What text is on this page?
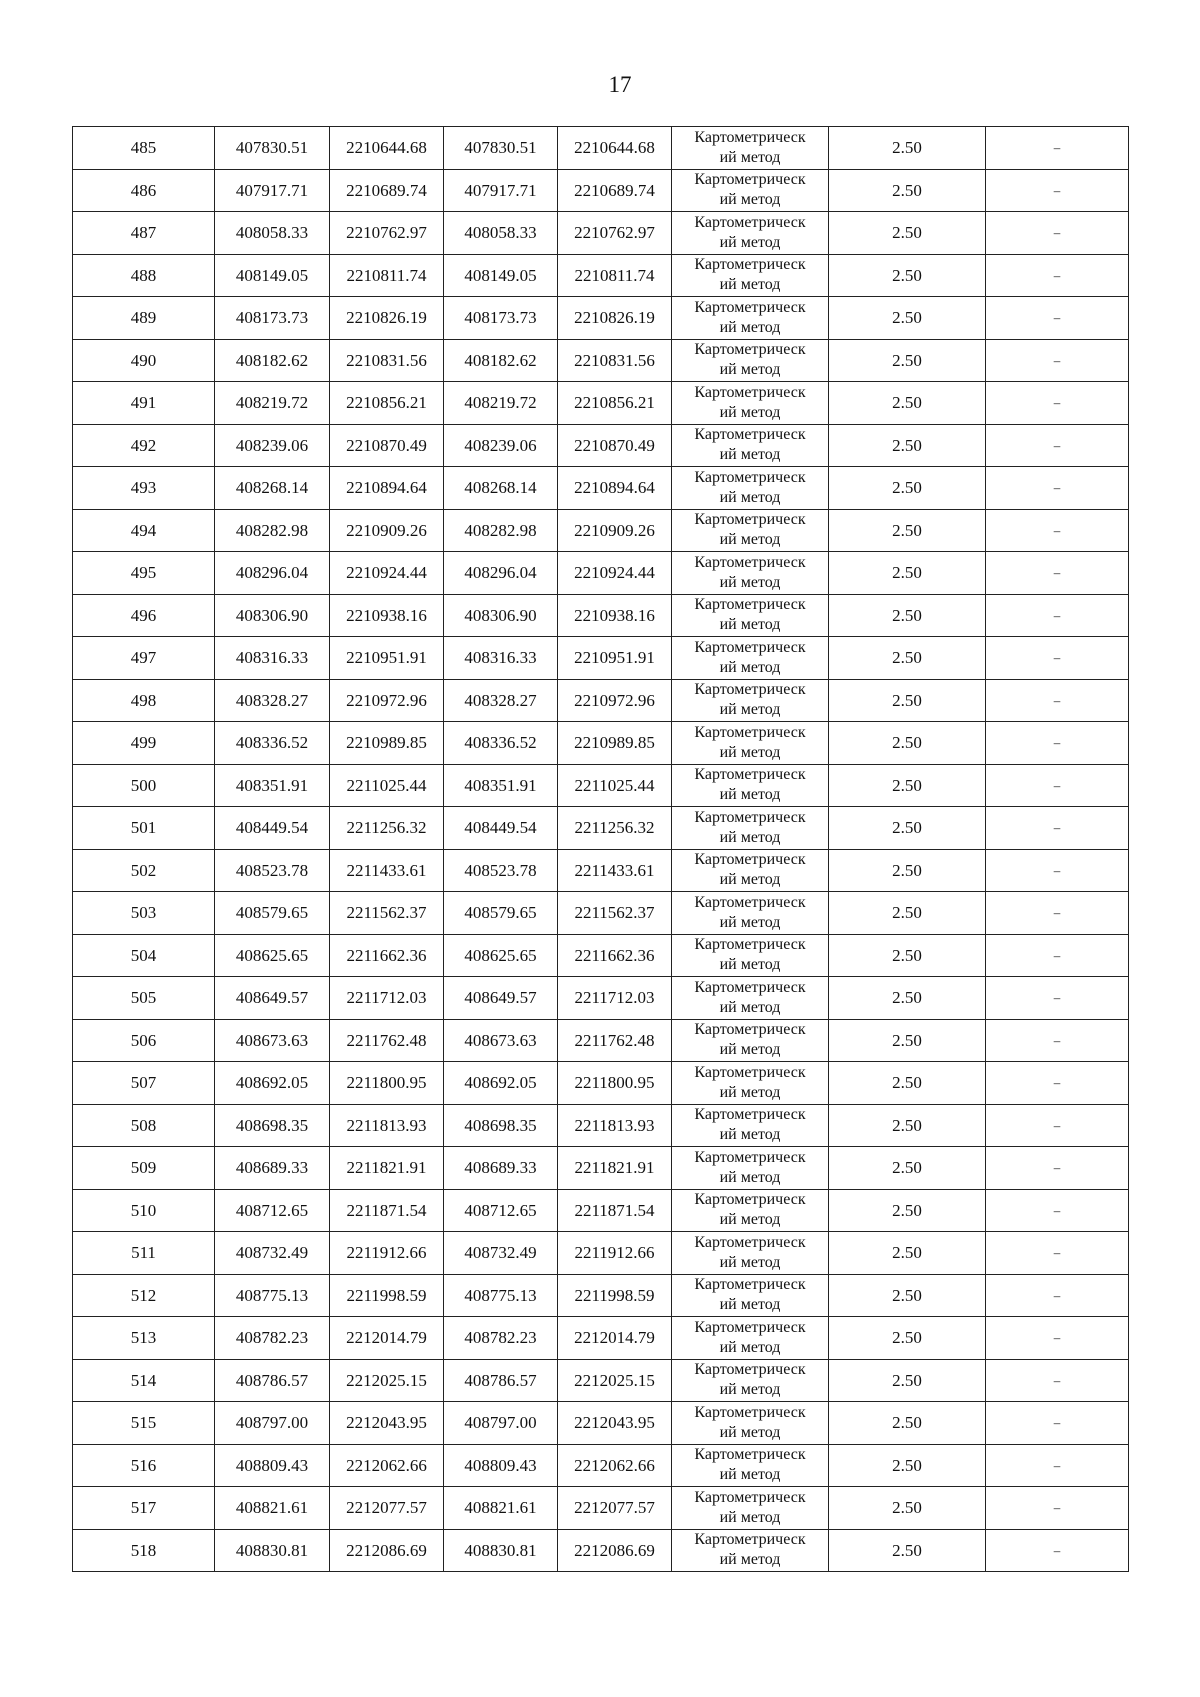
17
485	407830.51	2210644.68	407830.51	2210644.68	Картометрическ
ий метод	2.50	–
486	407917.71	2210689.74	407917.71	2210689.74	Картометрическ
ий метод	2.50	–
487	408058.33	2210762.97	408058.33	2210762.97	Картометрическ
ий метод	2.50	–
488	408149.05	2210811.74	408149.05	2210811.74	Картометрическ
ий метод	2.50	–
489	408173.73	2210826.19	408173.73	2210826.19	Картометрическ
ий метод	2.50	–
490	408182.62	2210831.56	408182.62	2210831.56	Картометрическ
ий метод	2.50	–
491	408219.72	2210856.21	408219.72	2210856.21	Картометрическ
ий метод	2.50	–
492	408239.06	2210870.49	408239.06	2210870.49	Картометрическ
ий метод	2.50	–
493	408268.14	2210894.64	408268.14	2210894.64	Картометрическ
ий метод	2.50	–
494	408282.98	2210909.26	408282.98	2210909.26	Картометрическ
ий метод	2.50	–
495	408296.04	2210924.44	408296.04	2210924.44	Картометрическ
ий метод	2.50	–
496	408306.90	2210938.16	408306.90	2210938.16	Картометрическ
ий метод	2.50	–
497	408316.33	2210951.91	408316.33	2210951.91	Картометрическ
ий метод	2.50	–
498	408328.27	2210972.96	408328.27	2210972.96	Картометрическ
ий метод	2.50	–
499	408336.52	2210989.85	408336.52	2210989.85	Картометрическ
ий метод	2.50	–
500	408351.91	2211025.44	408351.91	2211025.44	Картометрическ
ий метод	2.50	–
501	408449.54	2211256.32	408449.54	2211256.32	Картометрическ
ий метод	2.50	–
502	408523.78	2211433.61	408523.78	2211433.61	Картометрическ
ий метод	2.50	–
503	408579.65	2211562.37	408579.65	2211562.37	Картометрическ
ий метод	2.50	–
504	408625.65	2211662.36	408625.65	2211662.36	Картометрическ
ий метод	2.50	–
505	408649.57	2211712.03	408649.57	2211712.03	Картометрическ
ий метод	2.50	–
506	408673.63	2211762.48	408673.63	2211762.48	Картометрическ
ий метод	2.50	–
507	408692.05	2211800.95	408692.05	2211800.95	Картометрическ
ий метод	2.50	–
508	408698.35	2211813.93	408698.35	2211813.93	Картометрическ
ий метод	2.50	–
509	408689.33	2211821.91	408689.33	2211821.91	Картометрическ
ий метод	2.50	–
510	408712.65	2211871.54	408712.65	2211871.54	Картометрическ
ий метод	2.50	–
511	408732.49	2211912.66	408732.49	2211912.66	Картометрическ
ий метод	2.50	–
512	408775.13	2211998.59	408775.13	2211998.59	Картометрическ
ий метод	2.50	–
513	408782.23	2212014.79	408782.23	2212014.79	Картометрическ
ий метод	2.50	–
514	408786.57	2212025.15	408786.57	2212025.15	Картометрическ
ий метод	2.50	–
515	408797.00	2212043.95	408797.00	2212043.95	Картометрическ
ий метод	2.50	–
516	408809.43	2212062.66	408809.43	2212062.66	Картометрическ
ий метод	2.50	–
517	408821.61	2212077.57	408821.61	2212077.57	Картометрическ
ий метод	2.50	–
518	408830.81	2212086.69	408830.81	2212086.69	Картометрическ
ий метод	2.50	–
